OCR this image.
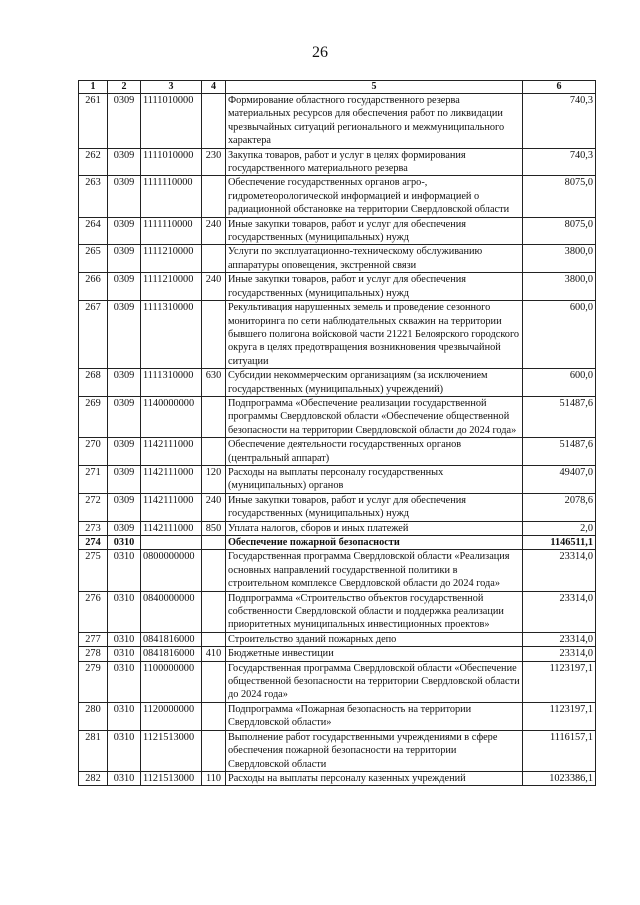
26
1	2	3	4	5	6
261	0309	1111010000		Формирование областного государственного резерва материальных ресурсов для обеспечения работ по ликвидации чрезвычайных ситуаций регионального и межмуниципального характера	740,3
262	0309	1111010000	230	Закупка товаров, работ и услуг в целях формирования государственного материального резерва	740,3
263	0309	1111110000		Обеспечение государственных органов агро-, гидрометеорологической информацией и информацией о радиационной обстановке на территории Свердловской области	8075,0
264	0309	1111110000	240	Иные закупки товаров, работ и услуг для обеспечения государственных (муниципальных) нужд	8075,0
265	0309	1111210000		Услуги по эксплуатационно-техническому обслуживанию аппаратуры оповещения, экстренной связи	3800,0
266	0309	1111210000	240	Иные закупки товаров, работ и услуг для обеспечения государственных (муниципальных) нужд	3800,0
267	0309	1111310000		Рекультивация нарушенных земель и проведение сезонного мониторинга по сети наблюдательных скважин на территории бывшего полигона войсковой части 21221 Белоярского городского округа в целях предотвращения возникновения чрезвычайной ситуации	600,0
268	0309	1111310000	630	Субсидии некоммерческим организациям (за исключением государственных (муниципальных) учреждений)	600,0
269	0309	1140000000		Подпрограмма «Обеспечение реализации государственной программы Свердловской области «Обеспечение общественной безопасности на территории Свердловской области до 2024 года»	51487,6
270	0309	1142111000		Обеспечение деятельности государственных органов (центральный аппарат)	51487,6
271	0309	1142111000	120	Расходы на выплаты персоналу государственных (муниципальных) органов	49407,0
272	0309	1142111000	240	Иные закупки товаров, работ и услуг для обеспечения государственных (муниципальных) нужд	2078,6
273	0309	1142111000	850	Уплата налогов, сборов и иных платежей	2,0
274	0310			Обеспечение пожарной безопасности	1146511,1
275	0310	0800000000		Государственная программа Свердловской области «Реализация основных направлений государственной политики в строительном комплексе Свердловской области до 2024 года»	23314,0
276	0310	0840000000		Подпрограмма «Строительство объектов государственной собственности Свердловской области и поддержка реализации приоритетных муниципальных инвестиционных проектов»	23314,0
277	0310	0841816000		Строительство зданий пожарных депо	23314,0
278	0310	0841816000	410	Бюджетные инвестиции	23314,0
279	0310	1100000000		Государственная программа Свердловской области «Обеспечение общественной безопасности на территории Свердловской области до 2024 года»	1123197,1
280	0310	1120000000		Подпрограмма «Пожарная безопасность на территории Свердловской области»	1123197,1
281	0310	1121513000		Выполнение работ государственными учреждениями в сфере обеспечения пожарной безопасности на территории Свердловской области	1116157,1
282	0310	1121513000	110	Расходы на выплаты персоналу казенных учреждений	1023386,1
